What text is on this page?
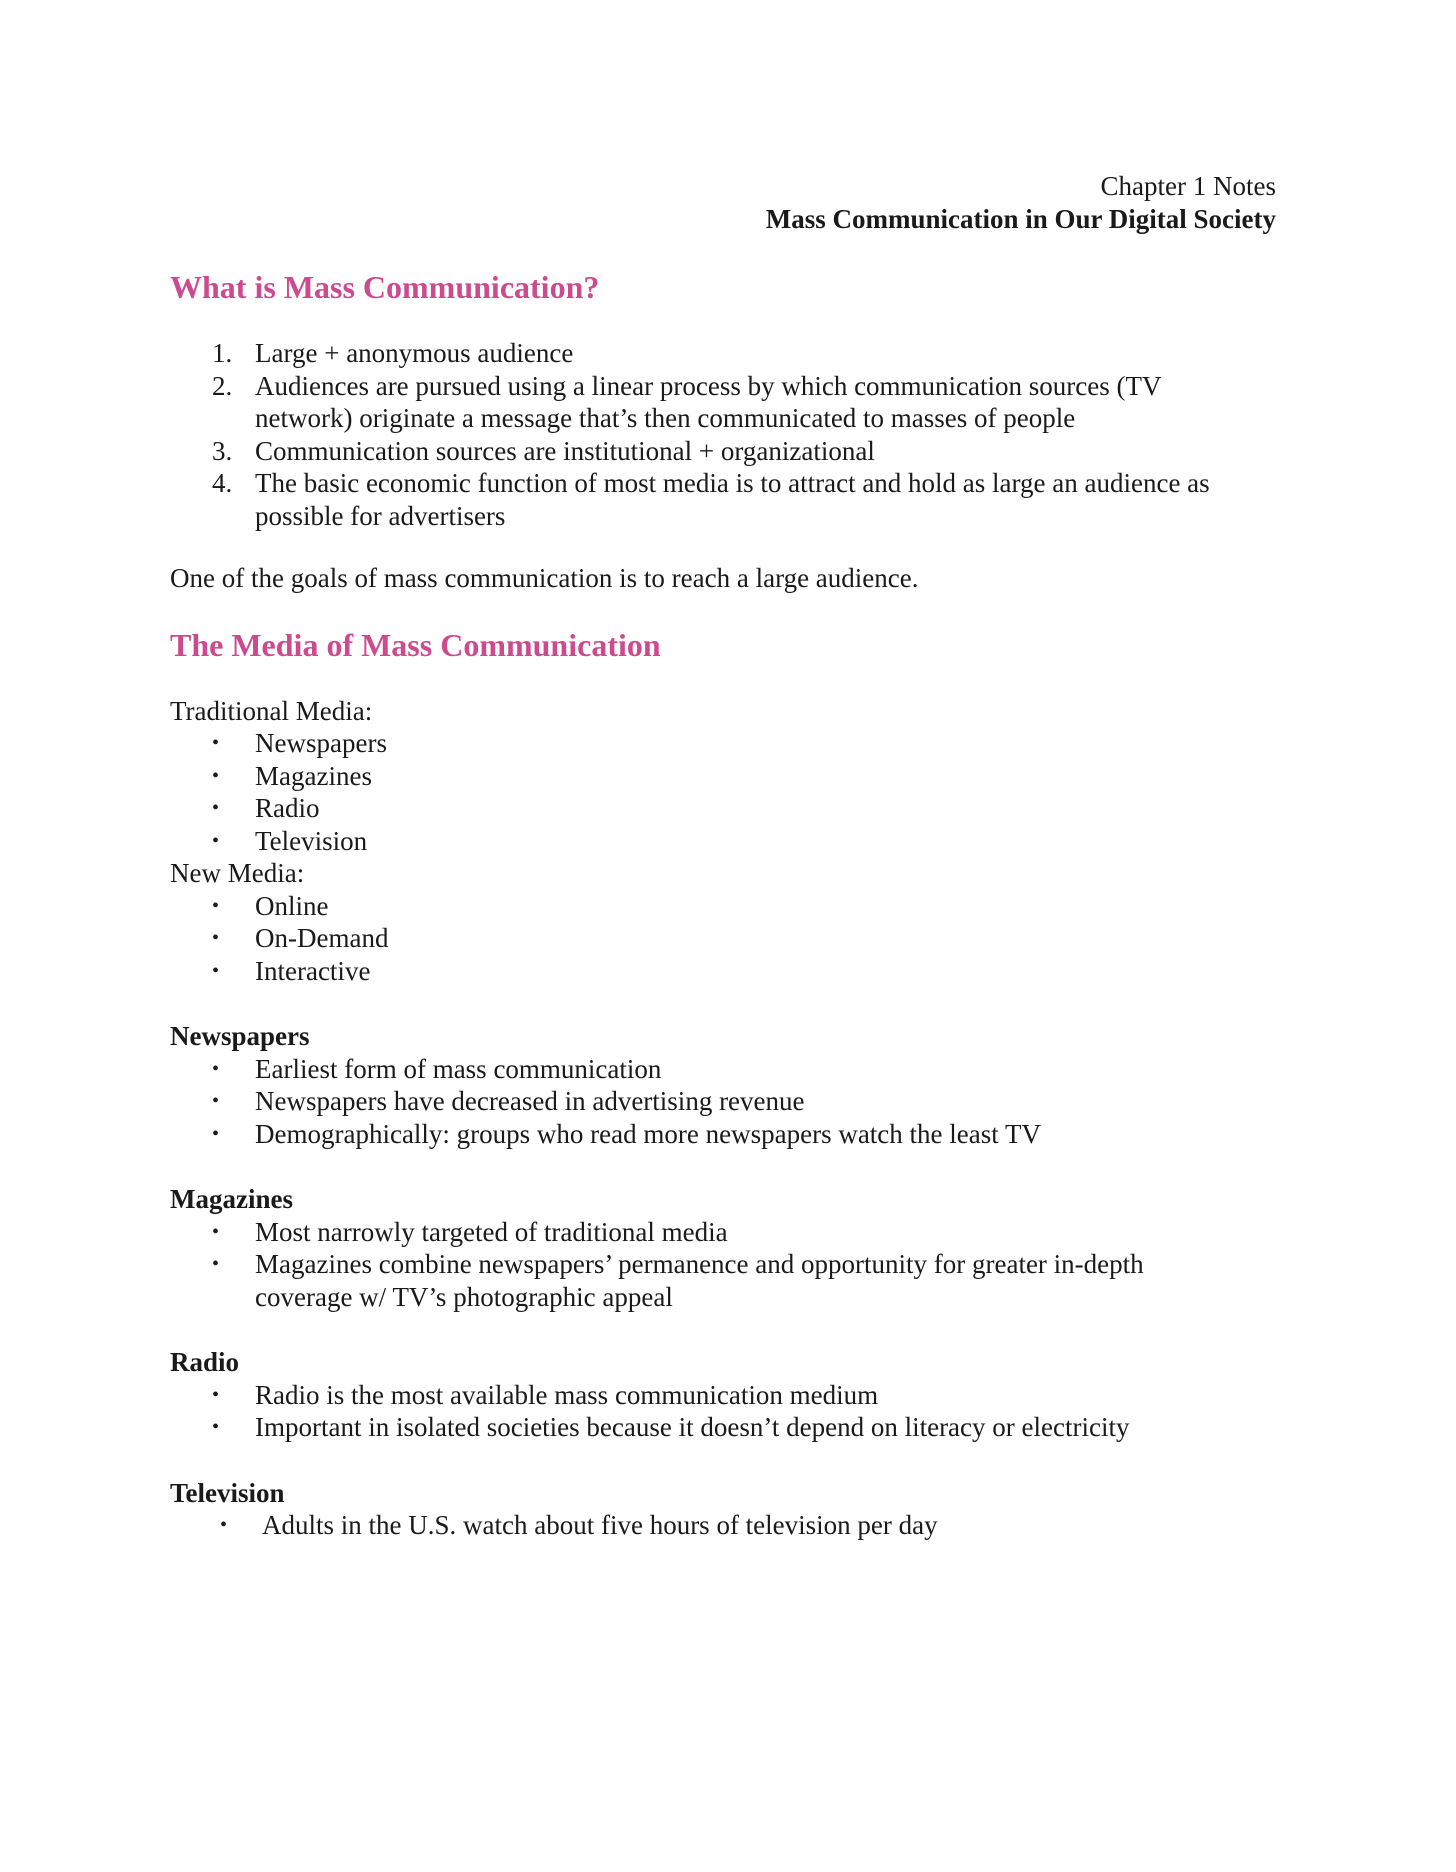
Chapter 1 Notes
Mass Communication in Our Digital Society
What is Mass Communication?
1. Large + anonymous audience
2. Audiences are pursued using a linear process by which communication sources (TV
network) originate a message that’s then communicated to masses of people
3. Communication sources are institutional + organizational
4. The basic economic function of most media is to attract and hold as large an audience as
possible for advertisers

One of the goals of mass communication is to reach a large audience.

The Media of Mass Communication
Traditional Media:
• Newspapers
• Magazines
• Radio
• Television
New Media:
• Online
• On-Demand
• Interactive
Newspapers
• Earliest form of mass communication
• Newspapers have decreased in advertising revenue
• Demographically: groups who read more newspapers watch the least TV
Magazines
• Most narrowly targeted of traditional media
• Magazines combine newspapers’ permanence and opportunity for greater in-depth
coverage w/ TV’s photographic appeal
Radio
• Radio is the most available mass communication medium
• Important in isolated societies because it doesn’t depend on literacy or electricity
Television
• Adults in the U.S. watch about five hours of television per day
